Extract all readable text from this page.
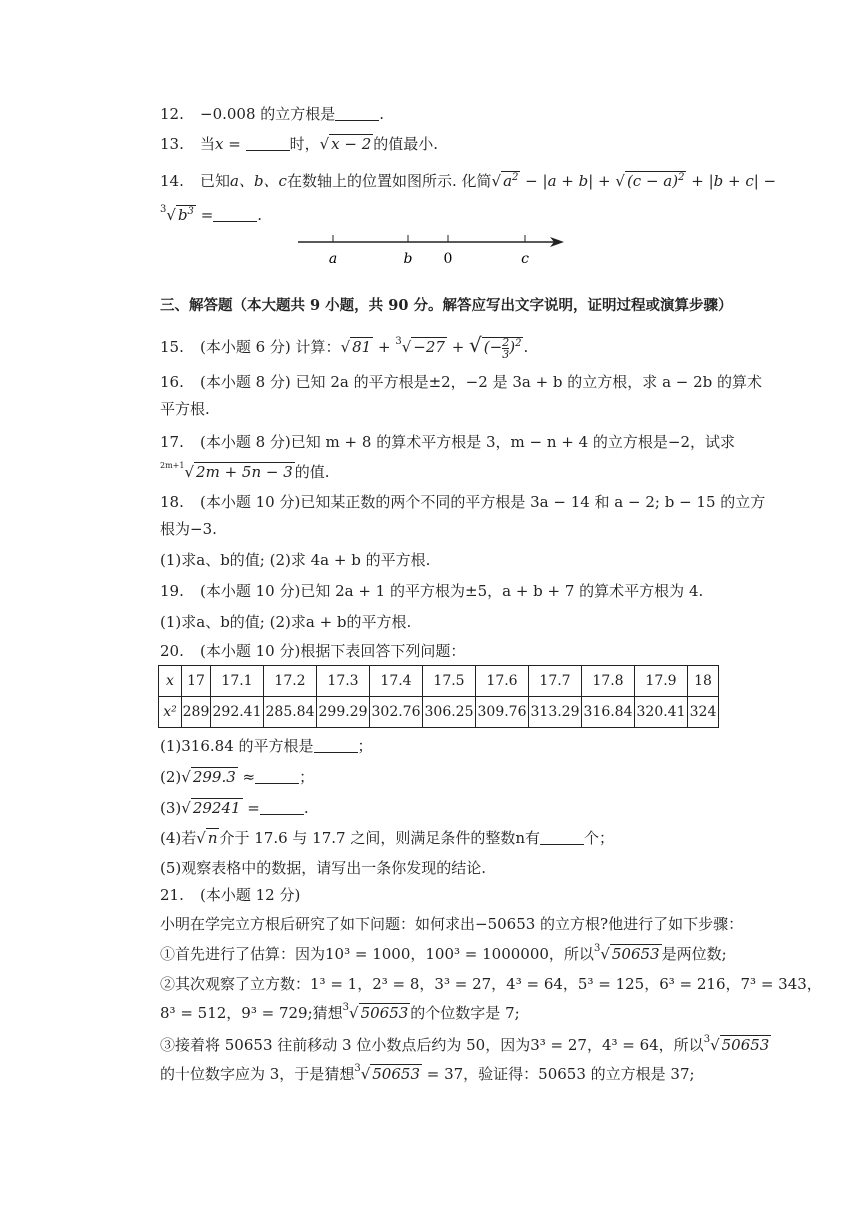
12. −0.008 的立方根是	.
13. 当x =	时，√ x − 2 的值最小.
14. 已知a、b、c在数轴上的位置如图所示. 化简√ $a^2 - |a + b|$ + √ $(c - a)^2 + |b + c|$ −
$^3$√ $b^3$ =	.
a	b 0	c
三、解答题（本大题共 9 小题，共 90 分。解答应写出文字说明，证明过程或演算步骤）
15. (本小题 6 分) 计算：√ 81 + $^3$√ −27 + √ (− $\frac{2}{3} )^2$ .
16. (本小题 8 分) 已知 2a 的平方根是±2，−2 是 3a + b 的立方根，求 a − 2b 的算术
平方根.
17. (本小题 8 分)已知 m + 8 的算术平方根是 3，m − n + 4 的立方根是−2，试求
$^{2m+1}$√ 2m + 5n − 3 的值.
18. (本小题 10 分)已知某正数的两个不同的平方根是 3a − 14 和 a − 2; b − 15 的立方
根为−3.
(1)求a、b的值; (2)求 4a + b 的平方根.
19. (本小题 10 分)已知 2a + 1 的平方根为±5，a + b + 7 的算术平方根为 4.
(1)求a、b的值; (2)求a + b的平方根.
20. (本小题 10 分)根据下表回答下列问题：
x	17	17.1	17.2	17.3	17.4	17.5	17.6	17.7	17.8	17.9	18
x²	289	292.41	285.84	299.29	302.76	306.25	309.76	313.29	316.84	320.41	324
(1)316.84 的平方根是	；
(2)√ 299.3 ≈	；
(3)√ 29241 =	.
(4)若√ n 介于 17.6 与 17.7 之间，则满足条件的整数n有	个；
(5)观察表格中的数据，请写出一条你发现的结论.
21. (本小题 12 分)
小明在学完立方根后研究了如下问题：如何求出−50653 的立方根?他进行了如下步骤：
①首先进行了估算：因为10³ = 1000，100³ = 1000000，所以$^3$√ 50653 是两位数;
②其次观察了立方数：1³ = 1，2³ = 8，3³ = 27，4³ = 64，5³ = 125，6³ = 216，7³ = 343，
8³ = 512，9³ = 729;猜想$^3$√ 50653 的个位数字是 7;
③接着将 50653 往前移动 3 位小数点后约为 50，因为3³ = 27，4³ = 64，所以$^3$√ 50653
的十位数字应为 3，于是猜想$^3$√ 50653 = 37，验证得：50653 的立方根是 37;
